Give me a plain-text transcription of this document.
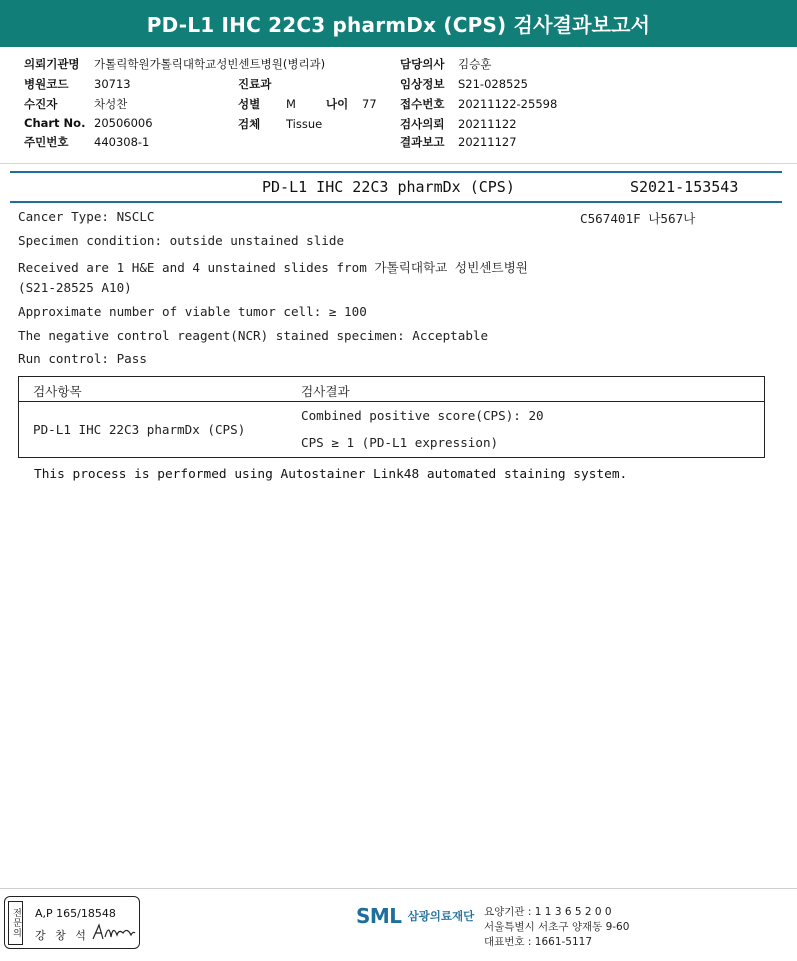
PD-L1 IHC 22C3 pharmDx (CPS) 검사결과보고서
의뢰기관명 가톨릭학원가톨릭대학교성빈센트병원(병리과)
병원코드 30713
수진자	차성찬
Chart No. 20506006
주민번호 440308-1
진료과
성별 M	나이 77
검체 Tissue
담당의사 김승훈
임상정보 S21-028525
접수번호 20211122-25598
검사의뢰 20211122
결과보고 20211127
PD-L1 IHC 22C3 pharmDx (CPS)	S2021-153543
C567401F 나567나
Cancer Type: NSCLC
Specimen condition: outside unstained slide
Received are 1 H&E and 4 unstained slides from 가톨릭대학교 성빈센트병원
(S21-28525 A10)
Approximate number of viable tumor cell: ≥ 100
The negative control reagent(NCR) stained specimen: Acceptable
Run control: Pass
검사항목	검사결과
PD-L1 IHC 22C3 pharmDx (CPS)
Combined positive score(CPS): 20
CPS ≥ 1 (PD-L1 expression)
This process is performed using Autostainer Link48 automated staining system.
전문의 A,P 165/18548
강 창 석
SML 삼광의료재단 요양기관 : 1 1 3 6 5 2 0 0
서울특별시 서초구 양재동 9-60
대표번호 : 1661-5117
